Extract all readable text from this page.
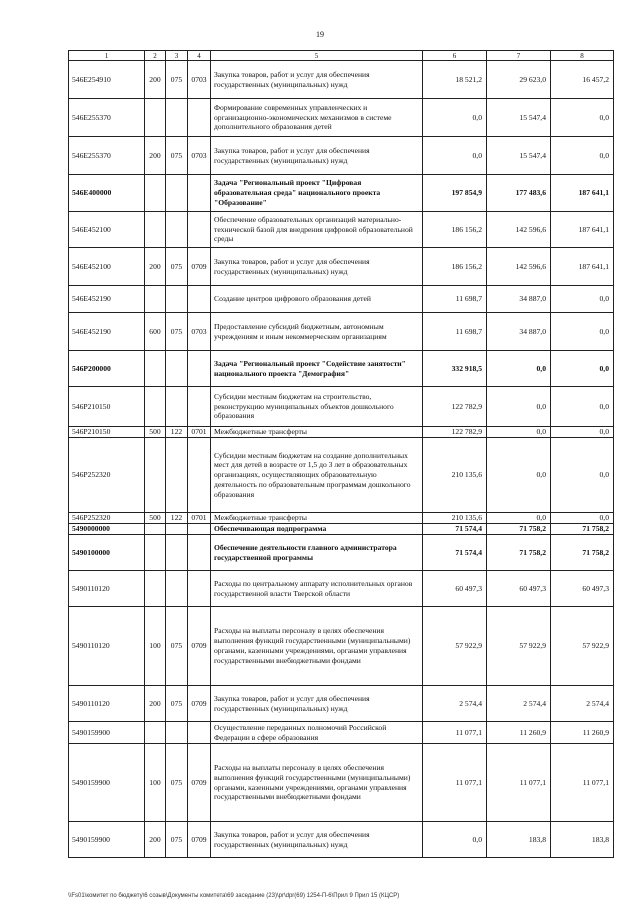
19
1	2	3	4	5	6	7	8
546E254910	200	075	0703	Закупка товаров, работ и услуг для обеспечения государственных (муниципальных) нужд	18 521,2	29 623,0	16 457,2
546E255370				Формирование современных управленческих и организационно-экономических механизмов в системе дополнительного образования детей	0,0	15 547,4	0,0
546E255370	200	075	0703	Закупка товаров, работ и услуг для обеспечения государственных (муниципальных) нужд	0,0	15 547,4	0,0
546E400000				Задача "Региональный проект "Цифровая образовательная среда" национального проекта "Образование"	197 854,9	177 483,6	187 641,1
546E452100				Обеспечение образовательных организаций материально-технической базой для внедрения цифровой образовательной среды	186 156,2	142 596,6	187 641,1
546E452100	200	075	0709	Закупка товаров, работ и услуг для обеспечения государственных (муниципальных) нужд	186 156,2	142 596,6	187 641,1
546E452190				Создание центров цифрового образования детей	11 698,7	34 887,0	0,0
546E452190	600	075	0703	Предоставление субсидий бюджетным, автономным учреждениям и иным некоммерческим организациям	11 698,7	34 887,0	0,0
546P200000				Задача "Региональный проект "Содействие занятости" национального проекта "Демография"	332 918,5	0,0	0,0
546P210150				Субсидии местным бюджетам на строительство, реконструкцию муниципальных объектов дошкольного образования	122 782,9	0,0	0,0
546P210150	500	122	0701	Межбюджетные трансферты	122 782,9	0,0	0,0
546P252320				Субсидии местным бюджетам на создание дополнительных мест для детей в возрасте от 1,5 до 3 лет в образовательных организациях, осуществляющих образовательную деятельность по образовательным программам дошкольного образования	210 135,6	0,0	0,0
546P252320	500	122	0701	Межбюджетные трансферты	210 135,6	0,0	0,0
5490000000				Обеспечивающая подпрограмма	71 574,4	71 758,2	71 758,2
5490100000				Обеспечение деятельности главного администратора государственной программы	71 574,4	71 758,2	71 758,2
5490110120				Расходы по центральному аппарату исполнительных органов государственной власти Тверской области	60 497,3	60 497,3	60 497,3
5490110120	100	075	0709	Расходы на выплаты персоналу в целях обеспечения выполнения функций государственными (муниципальными) органами, казенными учреждениями, органами управления государственными внебюджетными фондами	57 922,9	57 922,9	57 922,9
5490110120	200	075	0709	Закупка товаров, работ и услуг для обеспечения государственных (муниципальных) нужд	2 574,4	2 574,4	2 574,4
5490159900				Осуществление переданных полномочий Российской Федерации в сфере образования	11 077,1	11 260,9	11 260,9
5490159900	100	075	0709	Расходы на выплаты персоналу в целях обеспечения выполнения функций государственными (муниципальными) органами, казенными учреждениями, органами управления государственными внебюджетными фондами	11 077,1	11 077,1	11 077,1
5490159900	200	075	0709	Закупка товаров, работ и услуг для обеспечения государственных (муниципальных) нужд	0,0	183,8	183,8
\\Fs01\комитет по бюджету\6 созыв\Документы комитета\69 заседание (23)\pr\dpr(69) 1254-П-6\Прил 9 Прил 15 (КЦСР)
